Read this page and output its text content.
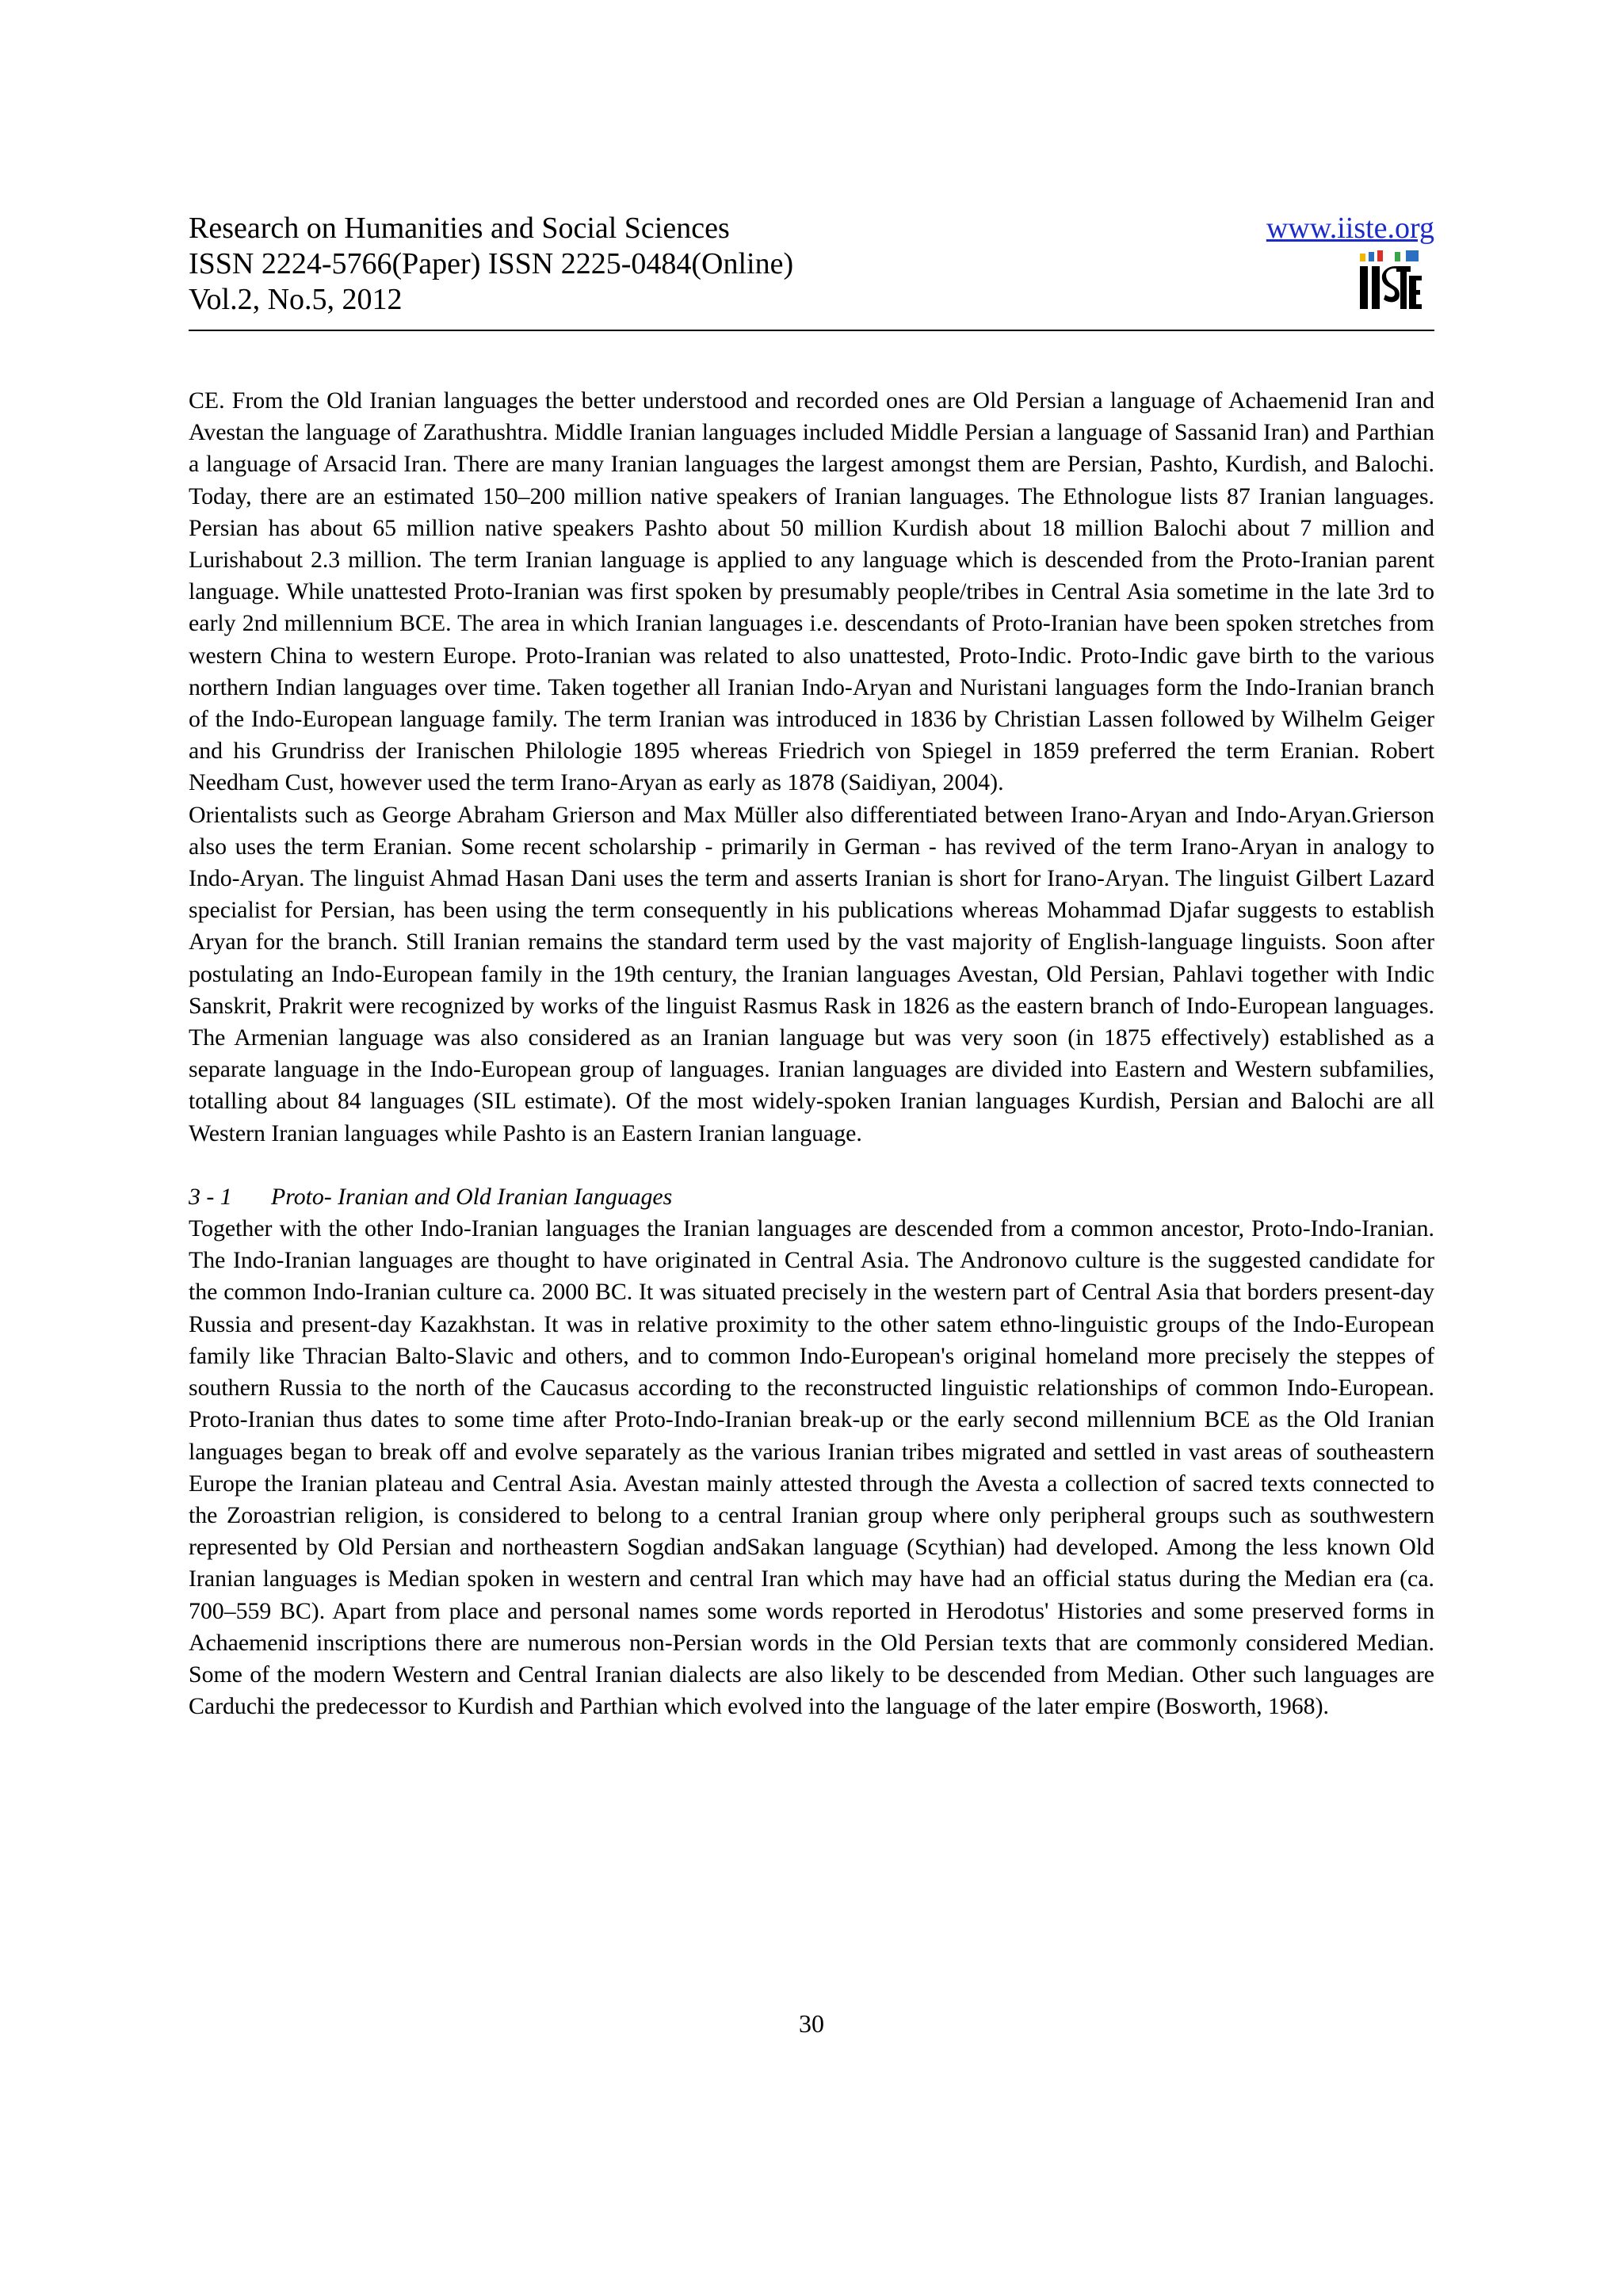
Research on Humanities and Social Sciences
ISSN 2224-5766(Paper) ISSN 2225-0484(Online)
Vol.2, No.5, 2012
www.iiste.org

CE. From the Old Iranian languages the better understood and recorded ones are Old Persian a language of Achaemenid Iran and Avestan the language of Zarathushtra. Middle Iranian languages included Middle Persian a language of Sassanid Iran) and Parthian a language of Arsacid Iran. There are many Iranian languages the largest amongst them are Persian, Pashto, Kurdish, and Balochi. Today, there are an estimated 150–200 million native speakers of Iranian languages. The Ethnologue lists 87 Iranian languages. Persian has about 65 million native speakers Pashto about 50 million Kurdish about 18 million Balochi about 7 million and Lurishabout 2.3 million. The term Iranian language is applied to any language which is descended from the Proto-Iranian parent language. While unattested Proto-Iranian was first spoken by presumably people/tribes in Central Asia sometime in the late 3rd to early 2nd millennium BCE. The area in which Iranian languages i.e. descendants of Proto-Iranian have been spoken stretches from western China to western Europe. Proto-Iranian was related to also unattested, Proto-Indic. Proto-Indic gave birth to the various northern Indian languages over time. Taken together all Iranian Indo-Aryan and Nuristani languages form the Indo-Iranian branch of the Indo-European language family. The term Iranian was introduced in 1836 by Christian Lassen followed by Wilhelm Geiger and his Grundriss der Iranischen Philologie 1895 whereas Friedrich von Spiegel in 1859 preferred the term Eranian. Robert Needham Cust, however used the term Irano-Aryan as early as 1878 (Saidiyan, 2004).

Orientalists such as George Abraham Grierson and Max Müller also differentiated between Irano-Aryan and Indo-Aryan.Grierson also uses the term Eranian. Some recent scholarship - primarily in German - has revived of the term Irano-Aryan in analogy to Indo-Aryan. The linguist Ahmad Hasan Dani uses the term and asserts Iranian is short for Irano-Aryan. The linguist Gilbert Lazard specialist for Persian, has been using the term consequently in his publications whereas Mohammad Djafar suggests to establish Aryan for the branch. Still Iranian remains the standard term used by the vast majority of English-language linguists. Soon after postulating an Indo-European family in the 19th century, the Iranian languages Avestan, Old Persian, Pahlavi together with Indic Sanskrit, Prakrit were recognized by works of the linguist Rasmus Rask in 1826 as the eastern branch of Indo-European languages. The Armenian language was also considered as an Iranian language but was very soon (in 1875 effectively) established as a separate language in the Indo-European group of languages. Iranian languages are divided into Eastern and Western subfamilies, totalling about 84 languages (SIL estimate). Of the most widely-spoken Iranian languages Kurdish, Persian and Balochi are all Western Iranian languages while Pashto is an Eastern Iranian language.

3 - 1 Proto- Iranian and Old Iranian Ianguages

Together with the other Indo-Iranian languages the Iranian languages are descended from a common ancestor, Proto-Indo-Iranian. The Indo-Iranian languages are thought to have originated in Central Asia. The Andronovo culture is the suggested candidate for the common Indo-Iranian culture ca. 2000 BC. It was situated precisely in the western part of Central Asia that borders present-day Russia and present-day Kazakhstan. It was in relative proximity to the other satem ethno-linguistic groups of the Indo-European family like Thracian Balto-Slavic and others, and to common Indo-European's original homeland more precisely the steppes of southern Russia to the north of the Caucasus according to the reconstructed linguistic relationships of common Indo-European. Proto-Iranian thus dates to some time after Proto-Indo-Iranian break-up or the early second millennium BCE as the Old Iranian languages began to break off and evolve separately as the various Iranian tribes migrated and settled in vast areas of southeastern Europe the Iranian plateau and Central Asia. Avestan mainly attested through the Avesta a collection of sacred texts connected to the Zoroastrian religion, is considered to belong to a central Iranian group where only peripheral groups such as southwestern represented by Old Persian and northeastern Sogdian andSakan language (Scythian) had developed. Among the less known Old Iranian languages is Median spoken in western and central Iran which may have had an official status during the Median era (ca. 700–559 BC). Apart from place and personal names some words reported in Herodotus' Histories and some preserved forms in Achaemenid inscriptions there are numerous non-Persian words in the Old Persian texts that are commonly considered Median. Some of the modern Western and Central Iranian dialects are also likely to be descended from Median. Other such languages are Carduchi the predecessor to Kurdish and Parthian which evolved into the language of the later empire (Bosworth, 1968).

30
